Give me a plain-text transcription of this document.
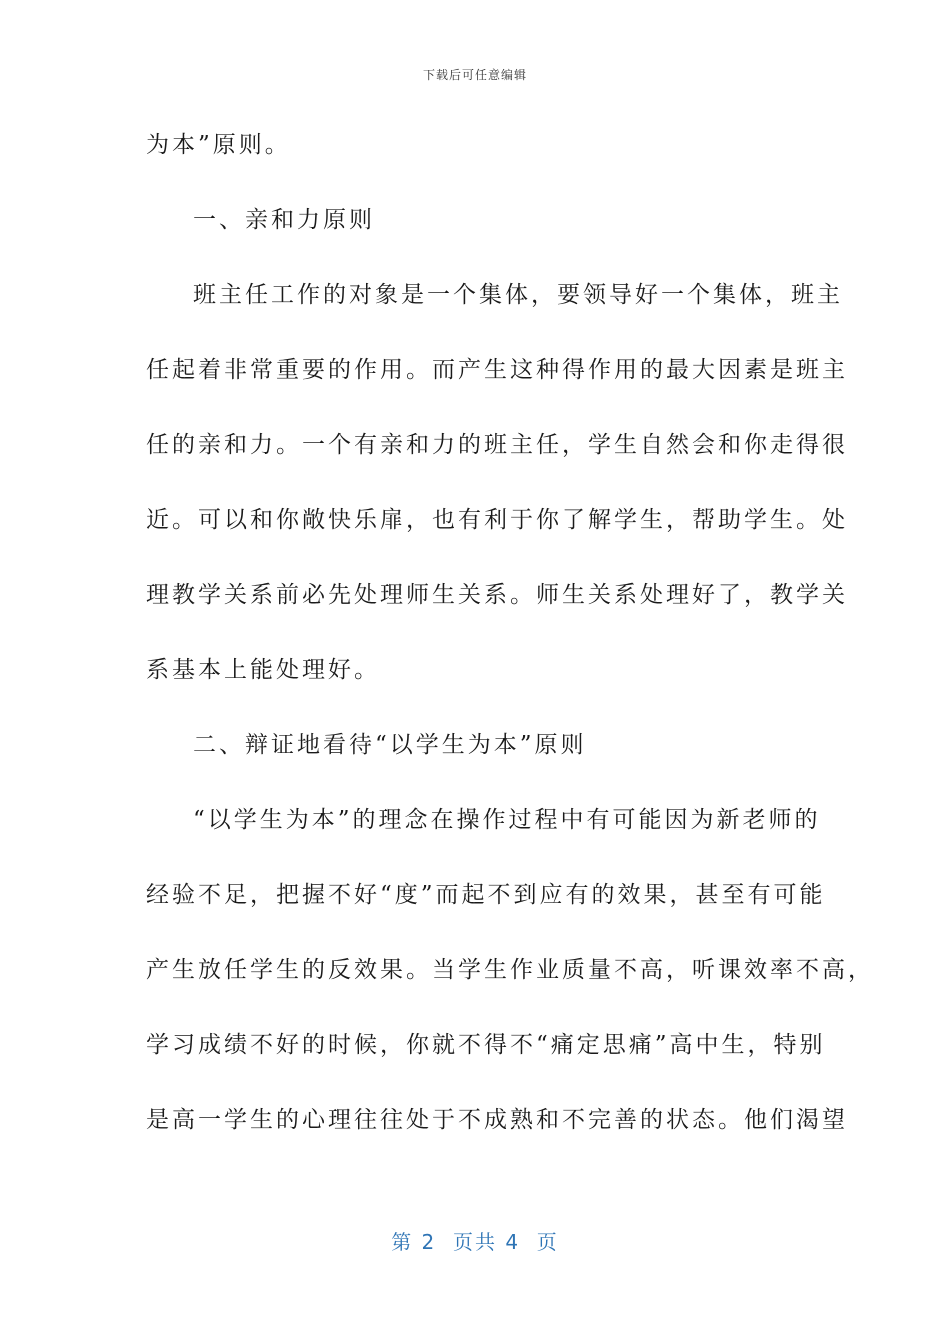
下载后可任意编辑
为本”原则。
一、亲和力原则
班主任工作的对象是一个集体，要领导好一个集体，班主
任起着非常重要的作用。而产生这种得作用的最大因素是班主
任的亲和力。一个有亲和力的班主任，学生自然会和你走得很
近。可以和你敞快乐扉，也有利于你了解学生，帮助学生。处
理教学关系前必先处理师生关系。师生关系处理好了，教学关
系基本上能处理好。
二、辩证地看待“以学生为本”原则
“以学生为本”的理念在操作过程中有可能因为新老师的
经验不足，把握不好“度”而起不到应有的效果，甚至有可能
产生放任学生的反效果。当学生作业质量不高，听课效率不高，
学习成绩不好的时候，你就不得不“痛定思痛”高中生，特别
是高一学生的心理往往处于不成熟和不完善的状态。他们渴望
第 2  页共 4  页
